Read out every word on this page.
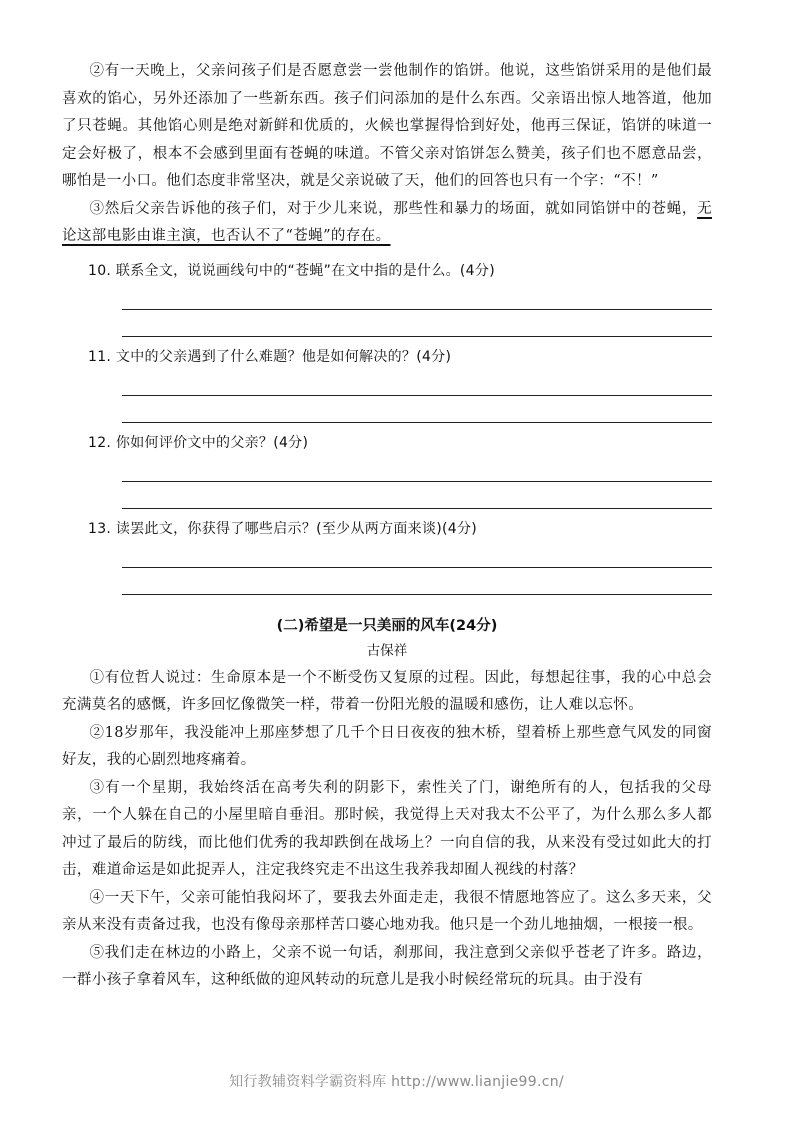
②有一天晚上，父亲问孩子们是否愿意尝一尝他制作的馅饼。他说，这些馅饼采用的是他们最喜欢的馅心，另外还添加了一些新东西。孩子们问添加的是什么东西。父亲语出惊人地答道，他加了只苍蝇。其他馅心则是绝对新鲜和优质的，火候也掌握得恰到好处，他再三保证，馅饼的味道一定会好极了，根本不会感到里面有苍蝇的味道。不管父亲对馅饼怎么赞美，孩子们也不愿意品尝，哪怕是一小口。他们态度非常坚决，就是父亲说破了天，他们的回答也只有一个字：“不！”

③然后父亲告诉他的孩子们，对于少儿来说，那些性和暴力的场面，就如同馅饼中的苍蝇，无论这部电影由谁主演，也否认不了“苍蝇”的存在。

10. 联系全文，说说画线句中的“苍蝇”在文中指的是什么。(4分)
11. 文中的父亲遇到了什么难题？他是如何解决的？(4分)
12. 你如何评价文中的父亲？(4分)
13. 读罢此文，你获得了哪些启示？(至少从两方面来谈)(4分)
(二)希望是一只美丽的风车(24分)
古保祥

①有位哲人说过：生命原本是一个不断受伤又复原的过程。因此，每想起往事，我的心中总会充满莫名的感慨，许多回忆像微笑一样，带着一份阳光般的温暖和感伤，让人难以忘怀。

②18岁那年，我没能冲上那座梦想了几千个日日夜夜的独木桥，望着桥上那些意气风发的同窗好友，我的心剧烈地疼痛着。

③有一个星期，我始终活在高考失利的阴影下，索性关了门，谢绝所有的人，包括我的父母亲，一个人躲在自己的小屋里暗自垂泪。那时候，我觉得上天对我太不公平了，为什么那么多人都冲过了最后的防线，而比他们优秀的我却跌倒在战场上？一向自信的我，从来没有受过如此大的打击，难道命运是如此捉弄人，注定我终究走不出这生我养我却囿人视线的村落？

④一天下午，父亲可能怕我闷坏了，要我去外面走走，我很不情愿地答应了。这么多天来，父亲从来没有责备过我，也没有像母亲那样苦口婆心地劝我。他只是一个劲儿地抽烟，一根接一根。

⑤我们走在林边的小路上，父亲不说一句话，刹那间，我注意到父亲似乎苍老了许多。路边，一群小孩子拿着风车，这种纸做的迎风转动的玩意儿是我小时候经常玩的玩具。由于没有

知行教辅资料学霸资料库 http://www.lianjie99.cn/
